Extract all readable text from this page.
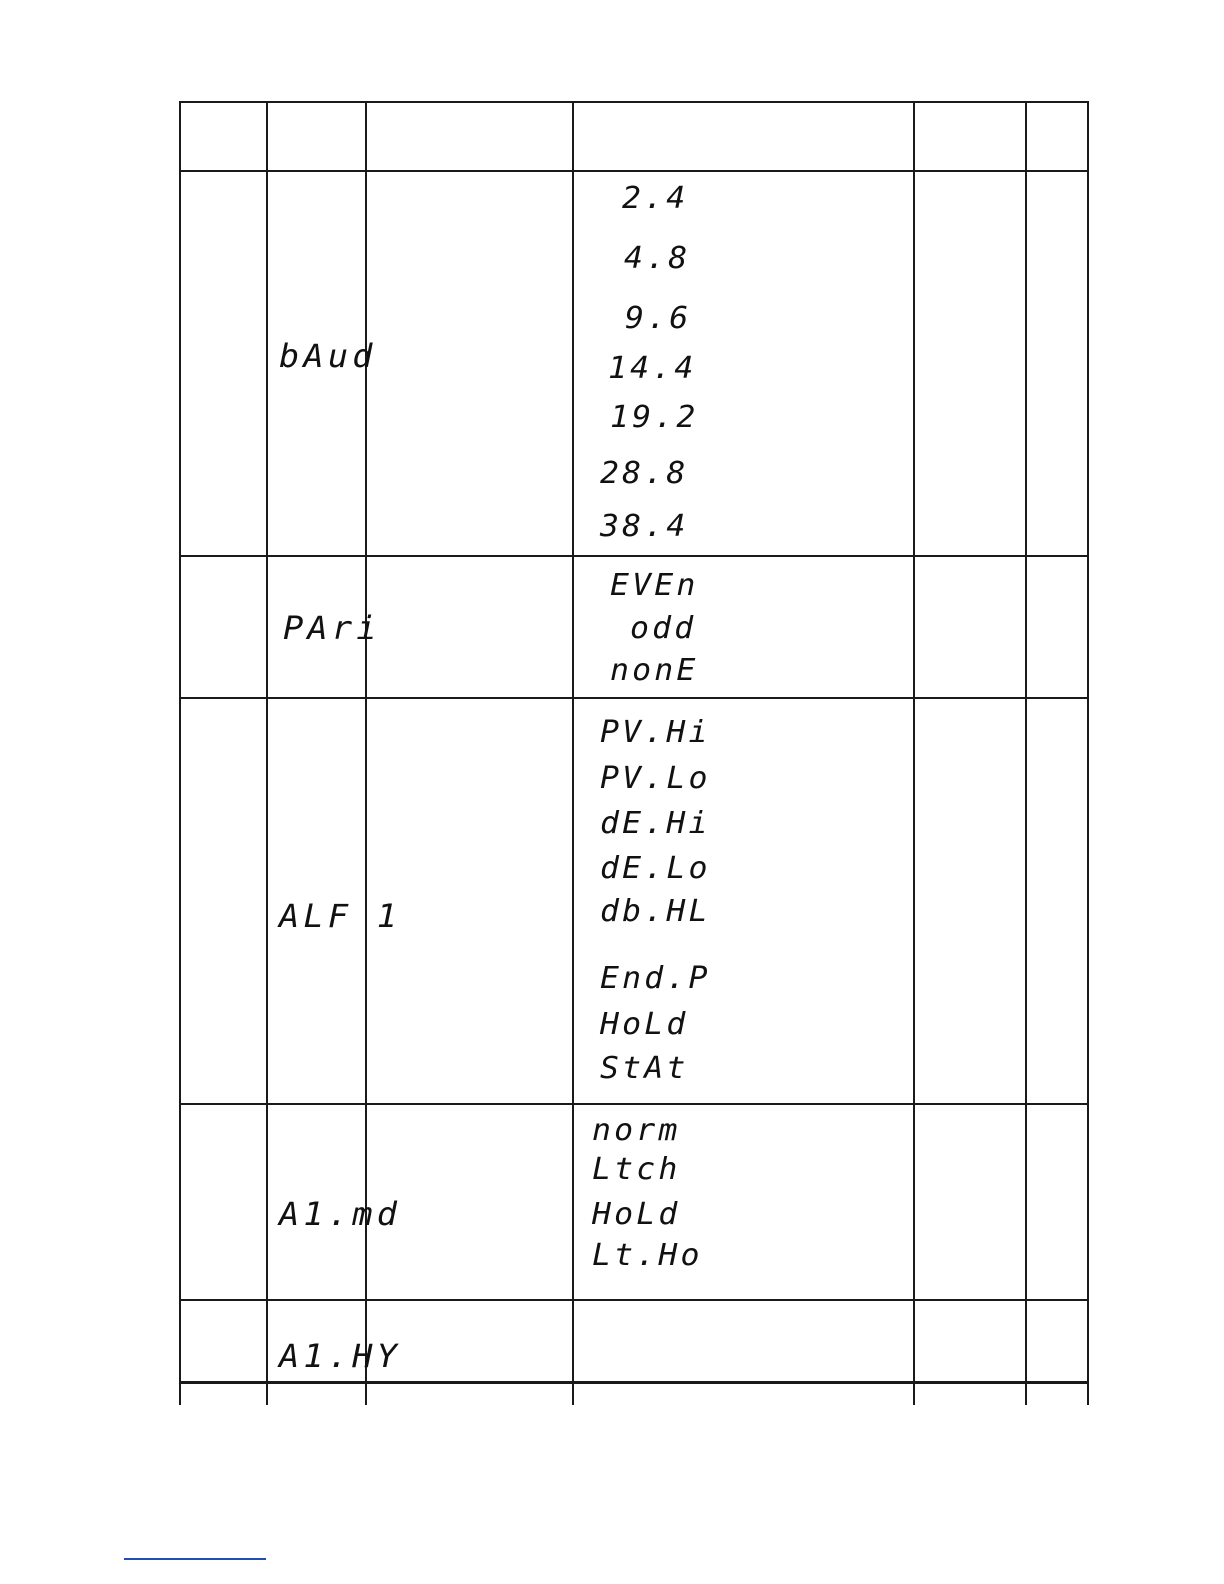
bAud
2.4
4.8
9.6
14.4
19.2
28.8
38.4
PAri
EVEn
odd
nonE
ALF 1
PV.Hi
PV.Lo
dE.Hi
dE.Lo
db.HL
End.P
HoLd
StAt
A1.md
norm
Ltch
HoLd
Lt.Ho
A1.HY
